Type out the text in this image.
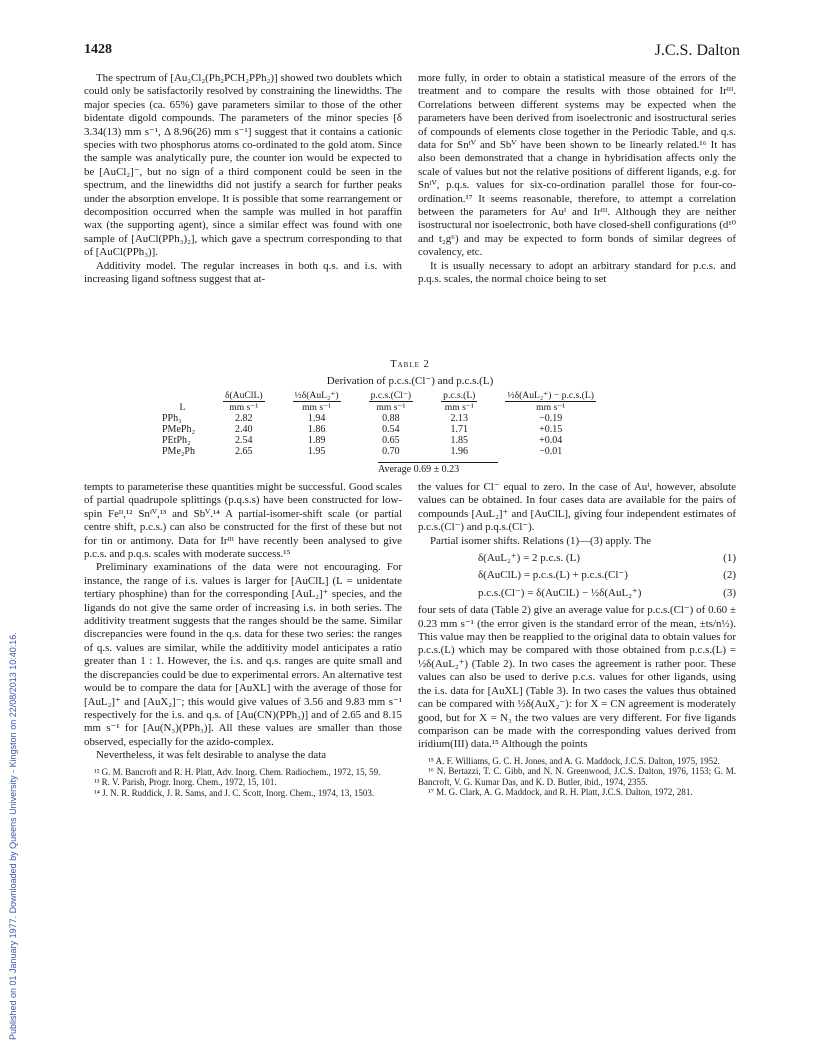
1428	J.C.S. Dalton
Published on 01 January 1977. Downloaded by Queens University - Kingston on 22/08/2013 10:40:16.

The spectrum of [Au₂Cl₂(Ph₂PCH₂PPh₂)] showed two doublets which could only be satisfactorily resolved by constraining the linewidths. The major species (ca. 65%) gave parameters similar to those of the other bidentate digold compounds. The parameters of the minor species [δ 3.34(13) mm s⁻¹, Δ 8.96(26) mm s⁻¹] suggest that it contains a cationic species with two phosphorus atoms co-ordinated to the gold atom. Since the sample was analytically pure, the counter ion would be expected to be [AuCl₂]⁻, but no sign of a third component could be seen in the spectrum, and the linewidths did not justify a search for further peaks under the absorption envelope. It is possible that some rearrangement or decomposition occurred when the sample was mulled in hot paraffin wax (the supporting agent), since a similar effect was found with one sample of [AuCl(PPh₃)₂], which gave a spectrum corresponding to that of [AuCl(PPh₃)].

Additivity model. The regular increases in both q.s. and i.s. with increasing ligand softness suggest that at-

more fully, in order to obtain a statistical measure of the errors of the treatment and to compare the results with those obtained for Irᴵᴵᴵ. Correlations between different systems may be expected when the parameters have been derived from isoelectronic and isostructural series of compounds of elements close together in the Periodic Table, and q.s. data for Snᴵⱽ and Sbⱽ have been shown to be linearly related.¹⁶ It has also been demonstrated that a change in hybridisation affects only the scale of values but not the relative positions of different ligands, e.g. for Snᴵⱽ, p.q.s. values for six-co-ordination parallel those for four-co-ordination.¹⁷ It seems reasonable, therefore, to attempt a correlation between the parameters for Auᴵ and Irᴵᴵᴵ. Although they are neither isostructural nor isoelectronic, both have closed-shell configurations (d¹⁰ and t₂g⁶) and may be expected to form bonds of similar degrees of covalency, etc.

It is usually necessary to adopt an arbitrary standard for p.c.s. and p.q.s. scales, the normal choice being to set

Table 2
Derivation of p.c.s.(Cl⁻) and p.c.s.(L)
	δ(AuClL)	½δ(AuL₂⁺)	p.c.s.(Cl⁻)	p.c.s.(L)	½δ(AuL₂⁺) − p.c.s.(L)
L	mm s⁻¹	mm s⁻¹	mm s⁻¹	mm s⁻¹	mm s⁻¹
PPh₃	2.82	1.94	0.88	2.13	−0.19
PMePh₂	2.40	1.86	0.54	1.71	+0.15
PEtPh₂	2.54	1.89	0.65	1.85	+0.04
PMe₂Ph	2.65	1.95	0.70	1.96	−0.01
Average 0.69 ± 0.23

tempts to parameterise these quantities might be successful. Good scales of partial quadrupole splittings (p.q.s.s) have been constructed for low-spin Feᴵᴵ,¹² Snᴵⱽ,¹³ and Sbⱽ.¹⁴ A partial-isomer-shift scale (or partial centre shift, p.c.s.) can also be constructed for the first of these but not for tin or antimony. Data for Irᴵᴵᴵ have recently been analysed to give p.c.s. and p.q.s. scales with moderate success.¹⁵

Preliminary examinations of the data were not encouraging. For instance, the range of i.s. values is larger for [AuClL] (L = unidentate tertiary phosphine) than for the corresponding [AuL₂]⁺ species, and the ligands do not give the same order of increasing i.s. in both series. The additivity treatment suggests that the ranges should be the same. Similar discrepancies were found in the q.s. data for these two series: the ranges of q.s. values are similar, while the additivity model anticipates a ratio greater than 1 : 1. However, the i.s. and q.s. ranges are quite small and the discrepancies could be due to experimental errors. An alternative test would be to compare the data for [AuXL] with the average of those for [AuL₂]⁺ and [AuX₂]⁻; this would give values of 3.56 and 9.83 mm s⁻¹ respectively for the i.s. and q.s. of [Au(CN)(PPh₃)] and of 2.65 and 8.15 mm s⁻¹ for [Au(N₃)(PPh₃)]. All these values are smaller than those observed, especially for the azido-complex.

Nevertheless, it was felt desirable to analyse the data

¹² G. M. Bancroft and R. H. Platt, Adv. Inorg. Chem. Radiochem., 1972, 15, 59.

¹³ R. V. Parish, Progr. Inorg. Chem., 1972, 15, 101.

¹⁴ J. N. R. Ruddick, J. R. Sams, and J. C. Scott, Inorg. Chem., 1974, 13, 1503.

the values for Cl⁻ equal to zero. In the case of Auᴵ, however, absolute values can be obtained. In four cases data are available for the pairs of compounds [AuL₂]⁺ and [AuClL], giving four independent estimates of p.c.s.(Cl⁻) and p.q.s.(Cl⁻).

Partial isomer shifts. Relations (1)—(3) apply. The

δ(AuL₂⁺) = 2 p.c.s. (L)	(1)
δ(AuClL) = p.c.s.(L) + p.c.s.(Cl⁻)	(2)
p.c.s.(Cl⁻) = δ(AuClL) − ½δ(AuL₂⁺)	(3)

four sets of data (Table 2) give an average value for p.c.s.(Cl⁻) of 0.60 ± 0.23 mm s⁻¹ (the error given is the standard error of the mean, ±ts/n½). This value may then be reapplied to the original data to obtain values for p.c.s.(L) which may be compared with those obtained from p.c.s.(L) = ½δ(AuL₂⁺) (Table 2). In two cases the agreement is rather poor. These values can also be used to derive p.c.s. values for other ligands, using the i.s. data for [AuXL] (Table 3). In two cases the values thus obtained can be compared with ½δ(AuX₂⁻): for X = CN agreement is moderately good, but for X = N₃ the two values are very different. For five ligands comparison can be made with the corresponding values derived from iridium(III) data.¹⁵ Although the points

¹⁵ A. F. Williams, G. C. H. Jones, and A. G. Maddock, J.C.S. Dalton, 1975, 1952.

¹⁶ N. Bertazzi, T. C. Gibb, and N. N. Greenwood, J.C.S. Dalton, 1976, 1153; G. M. Bancroft, V. G. Kumar Das, and K. D. Butler, ibid., 1974, 2355.

¹⁷ M. G. Clark, A. G. Maddock, and R. H. Platt, J.C.S. Dalton, 1972, 281.
